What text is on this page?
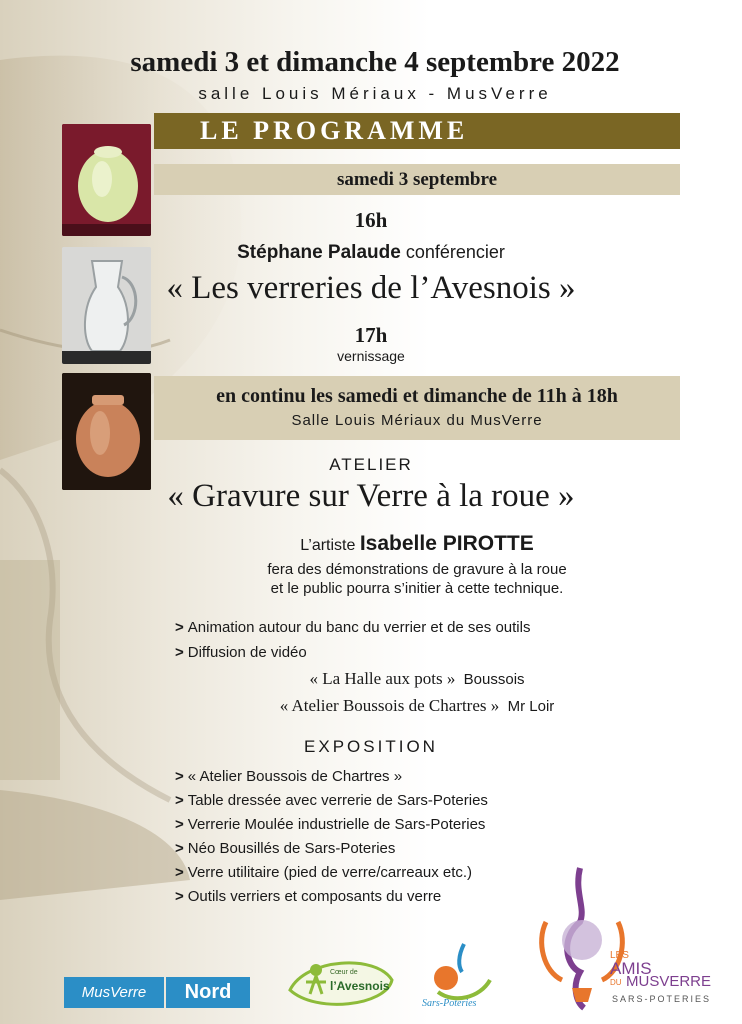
samedi 3 et dimanche 4 septembre 2022
salle Louis Mériaux - MusVerre
LE PROGRAMME
samedi 3 septembre
16h
Stéphane Palaude conférencier
« Les verreries de l’Avesnois »
17h
vernissage
en continu les samedi et dimanche de 11h à 18h
Salle Louis Mériaux du MusVerre
ATELIER
« Gravure sur Verre à la roue »
L’artiste Isabelle PIROTTE
fera des démonstrations de gravure à la roue
et le public pourra s’initier à cette technique.
> Animation autour du banc du verrier et de ses outils
> Diffusion de vidéo
« La Halle aux pots » Boussois
« Atelier Boussois de Chartres » Mr Loir
EXPOSITION
> « Atelier Boussois de Chartres »
> Table dressée avec verrerie de Sars-Poteries
> Verrerie Moulée industrielle de Sars-Poteries
> Néo Bousillés de Sars-Poteries
> Verre utilitaire (pied de verre/carreaux etc.)
> Outils verriers et composants du verre
MusVerre	Nord
Cœur de
l’Avesnois
Sars-Poteries
LES
AMIS
DU MUSVERRE
SARS-POTERIES
